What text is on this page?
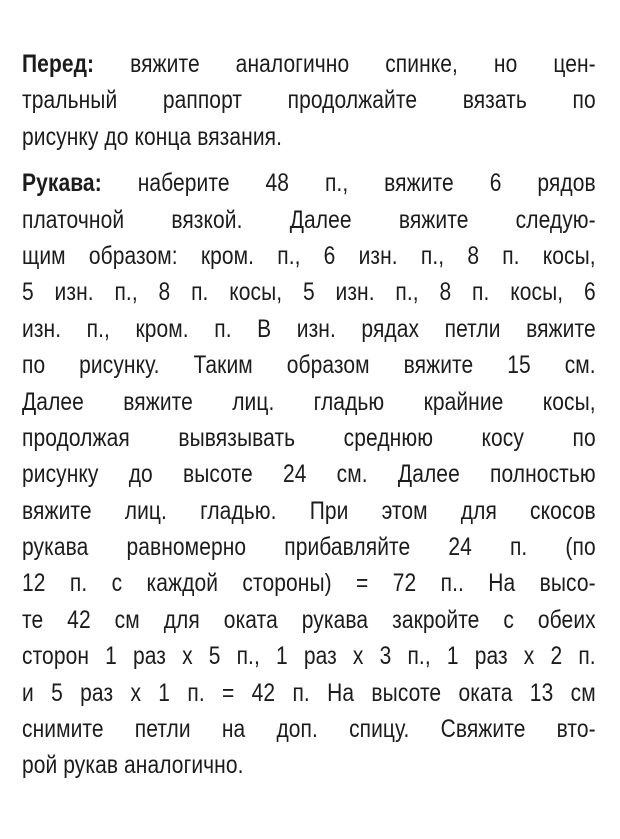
Перед: вяжите аналогично спинке, но цен-
тральный раппорт продолжайте вязать по
рисунку до конца вязания.
Рукава: наберите 48 п., вяжите 6 рядов
платочной вязкой. Далее вяжите следую-
щим образом: кром. п., 6 изн. п., 8 п. косы,
5 изн. п., 8 п. косы, 5 изн. п., 8 п. косы, 6
изн. п., кром. п. В изн. рядах петли вяжите
по рисунку. Таким образом вяжите 15 см.
Далее вяжите лиц. гладью крайние косы,
продолжая вывязывать среднюю косу по
рисунку до высоте 24 см. Далее полностью
вяжите лиц. гладью. При этом для скосов
рукава равномерно прибавляйте 24 п. (по
12 п. с каждой стороны) = 72 п.. На высо-
те 42 см для оката рукава закройте с обеих
сторон 1 раз х 5 п., 1 раз х 3 п., 1 раз х 2 п.
и 5 раз х 1 п. = 42 п. На высоте оката 13 см
снимите петли на доп. спицу. Свяжите вто-
рой рукав аналогично.
